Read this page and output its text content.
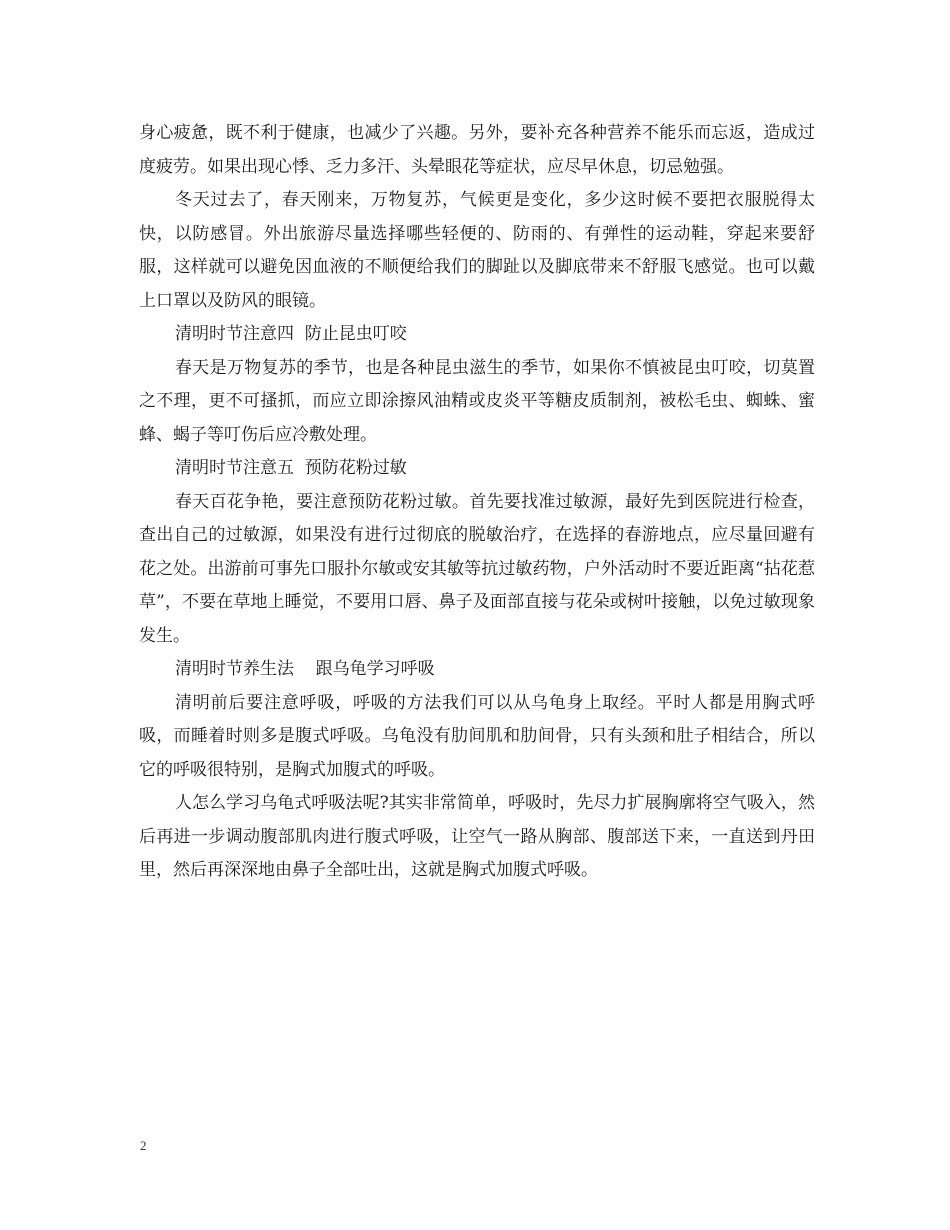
身心疲惫，既不利于健康，也减少了兴趣。另外，要补充各种营养不能乐而忘返，造成过度疲劳。如果出现心悸、乏力多汗、头晕眼花等症状，应尽早休息，切忌勉强。

冬天过去了，春天刚来，万物复苏，气候更是变化，多少这时候不要把衣服脱得太快，以防感冒。外出旅游尽量选择哪些轻便的、防雨的、有弹性的运动鞋，穿起来要舒服，这样就可以避免因血液的不顺便给我们的脚趾以及脚底带来不舒服飞感觉。也可以戴上口罩以及防风的眼镜。

清明时节注意四  防止昆虫叮咬

春天是万物复苏的季节，也是各种昆虫滋生的季节，如果你不慎被昆虫叮咬，切莫置之不理，更不可搔抓，而应立即涂擦风油精或皮炎平等糖皮质制剂，被松毛虫、蜘蛛、蜜蜂、蝎子等叮伤后应冷敷处理。

清明时节注意五  预防花粉过敏

春天百花争艳，要注意预防花粉过敏。首先要找准过敏源，最好先到医院进行检查，查出自己的过敏源，如果没有进行过彻底的脱敏治疗，在选择的春游地点，应尽量回避有花之处。出游前可事先口服扑尔敏或安其敏等抗过敏药物，户外活动时不要近距离“拈花惹草”，不要在草地上睡觉，不要用口唇、鼻子及面部直接与花朵或树叶接触，以免过敏现象发生。

清明时节养生法    跟乌龟学习呼吸

清明前后要注意呼吸，呼吸的方法我们可以从乌龟身上取经。平时人都是用胸式呼吸，而睡着时则多是腹式呼吸。乌龟没有肋间肌和肋间骨，只有头颈和肚子相结合，所以它的呼吸很特别，是胸式加腹式的呼吸。

人怎么学习乌龟式呼吸法呢?其实非常简单，呼吸时，先尽力扩展胸廓将空气吸入，然后再进一步调动腹部肌肉进行腹式呼吸，让空气一路从胸部、腹部送下来，一直送到丹田里，然后再深深地由鼻子全部吐出，这就是胸式加腹式呼吸。

2
